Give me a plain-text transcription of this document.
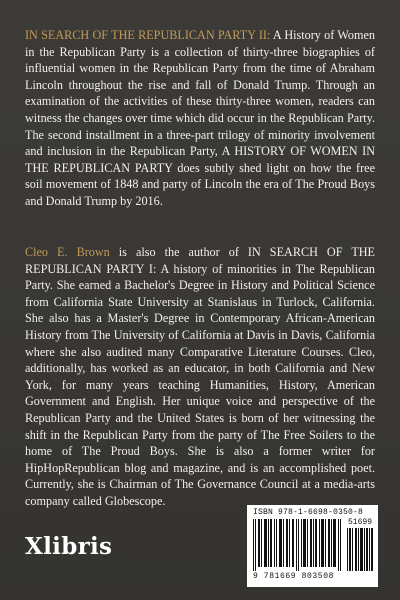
IN SEARCH OF THE REPUBLICAN PARTY II: A History of Women in the Republican Party is a collection of thirty-three biographies of influential women in the Republican Party from the time of Abraham Lincoln throughout the rise and fall of Donald Trump. Through an examination of the activities of these thirty-three women, readers can witness the changes over time which did occur in the Republican Party. The second installment in a three-part trilogy of minority involvement and inclusion in the Republican Party, A HISTORY OF WOMEN IN THE REPUBLICAN PARTY does subtly shed light on how the free soil movement of 1848 and party of Lincoln the era of The Proud Boys and Donald Trump by 2016.

Cleo E. Brown is also the author of IN SEARCH OF THE REPUBLICAN PARTY I: A history of minorities in The Republican Party. She earned a Bachelor's Degree in History and Political Science from California State University at Stanislaus in Turlock, California. She also has a Master's Degree in Contemporary African-American History from The University of California at Davis in Davis, California where she also audited many Comparative Literature Courses. Cleo, additionally, has worked as an educator, in both California and New York, for many years teaching Humanities, History, American Government and English. Her unique voice and perspective of the Republican Party and the United States is born of her witnessing the shift in the Republican Party from the party of The Free Soilers to the home of The Proud Boys. She is also a former writer for HipHopRepublican blog and magazine, and is an accomplished poet. Currently, she is Chairman of The Governance Council at a media-arts company called Globescope.

ISBN 978-1-6698-0350-8
51699
9 781669 803508
Xlibris
